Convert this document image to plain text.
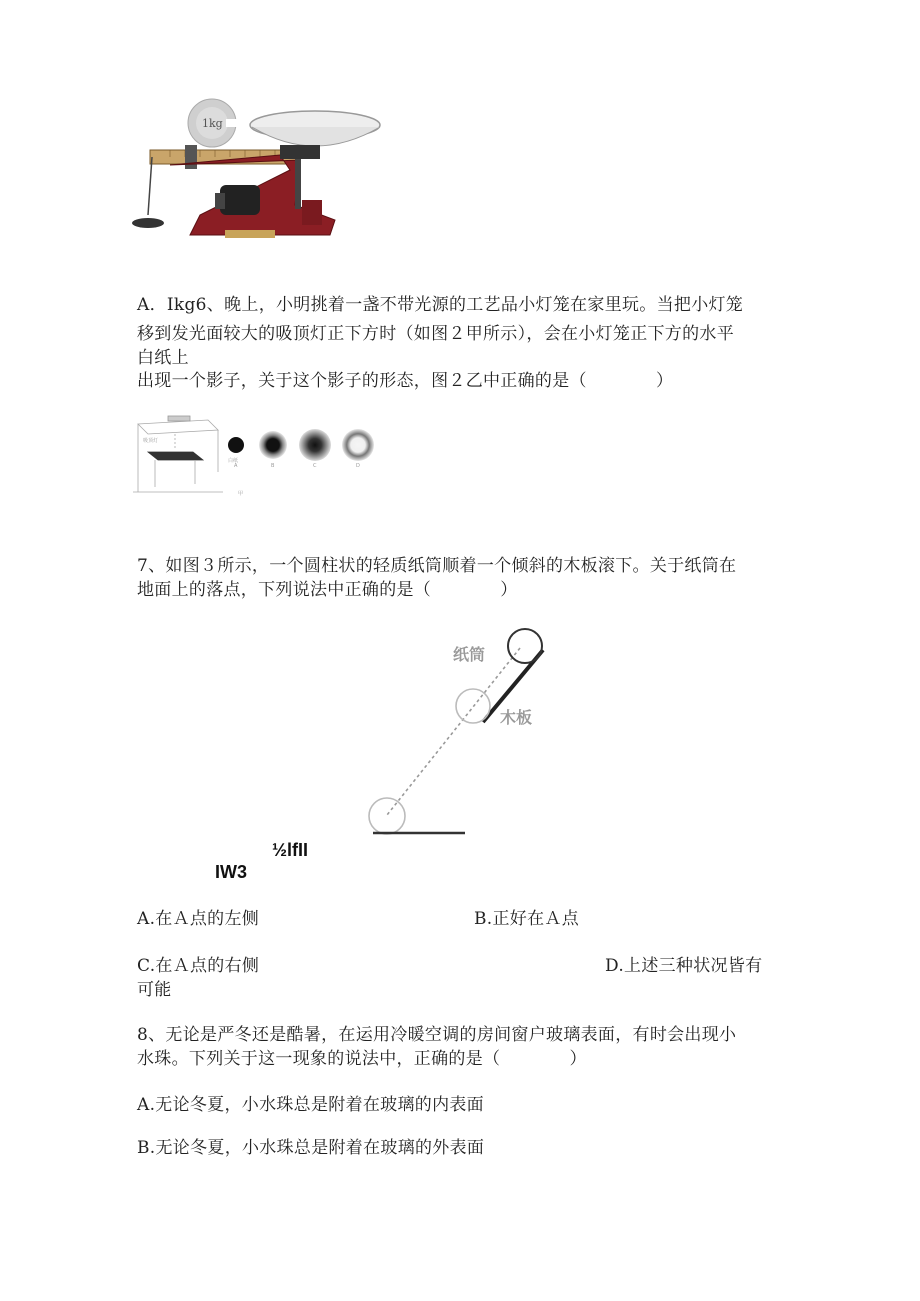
1kg
A．Ikg6、晚上，小明挑着一盏不带光源的工艺品小灯笼在家里玩。当把小灯笼
移到发光面较大的吸顶灯正下方时（如图２甲所示），会在小灯笼正下方的水平
白纸上
出现一个影子，关于这个影子的形态，图２乙中正确的是（　　　　）
吸顶灯
白纸
甲
A	B	C	D
7、如图３所示，一个圆柱状的轻质纸筒顺着一个倾斜的木板滚下。关于纸筒在
地面上的落点，下列说法中正确的是（　　　　）
纸筒
木板
½lfII
IW3
A.在Ａ点的左侧	B.正好在Ａ点
C.在Ａ点的右侧	D.上述三种状况皆有
可能
8、无论是严冬还是酷暑，在运用冷暖空调的房间窗户玻璃表面，有时会出现小
水珠。下列关于这一现象的说法中，正确的是（　　　　）
A.无论冬夏，小水珠总是附着在玻璃的内表面
B.无论冬夏，小水珠总是附着在玻璃的外表面
